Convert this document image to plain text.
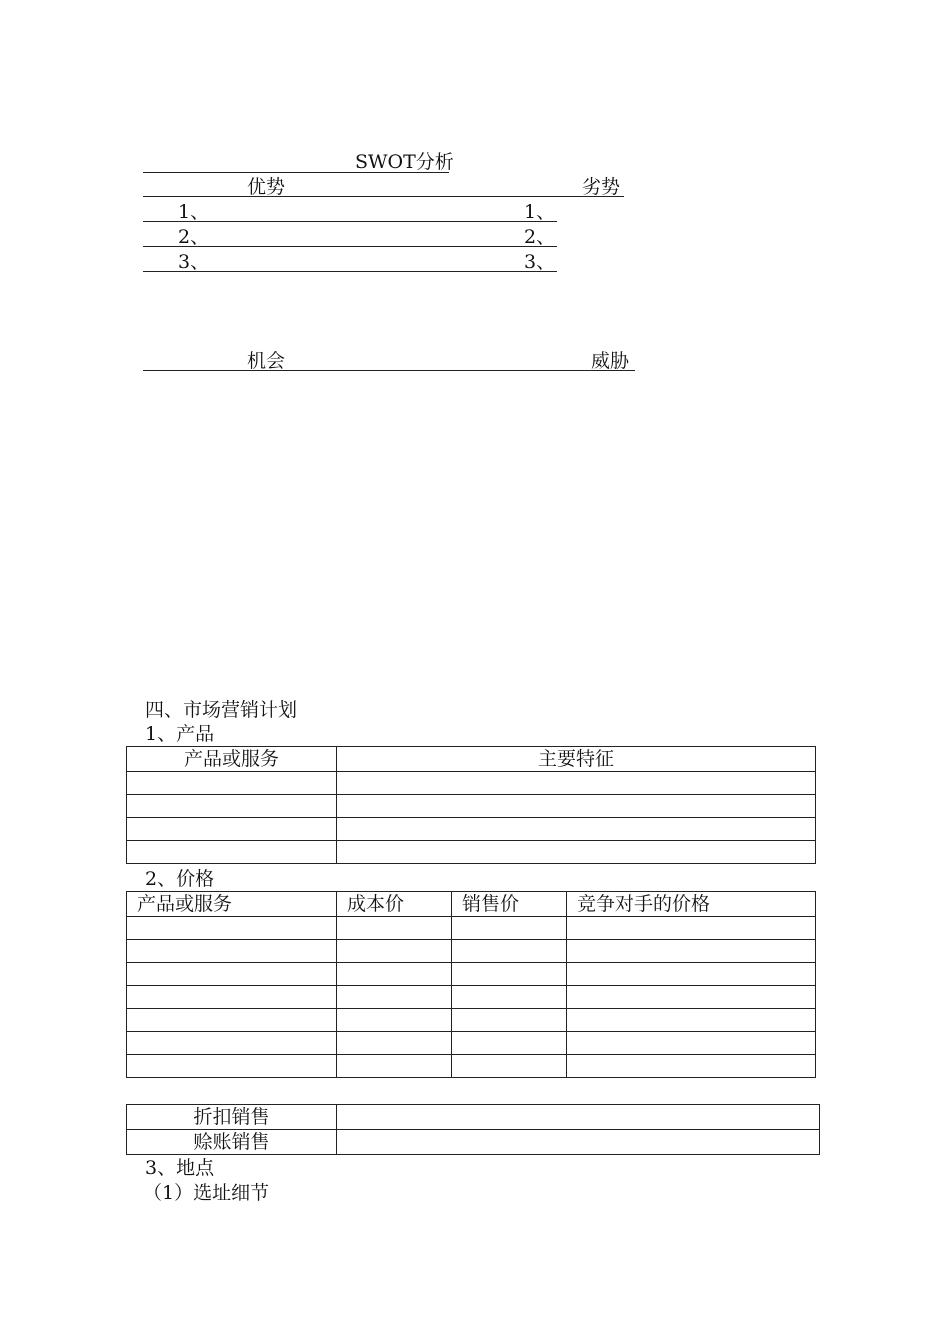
SWOT分析
优势	劣势
1、	1、
2、	2、
3、	3、
机会	威胁
四、市场营销计划
1、产品
产品或服务	主要特征

2、价格
产品或服务	成本价	销售价	竞争对手的价格

折扣销售	
赊账销售	
3、地点
（1）选址细节
